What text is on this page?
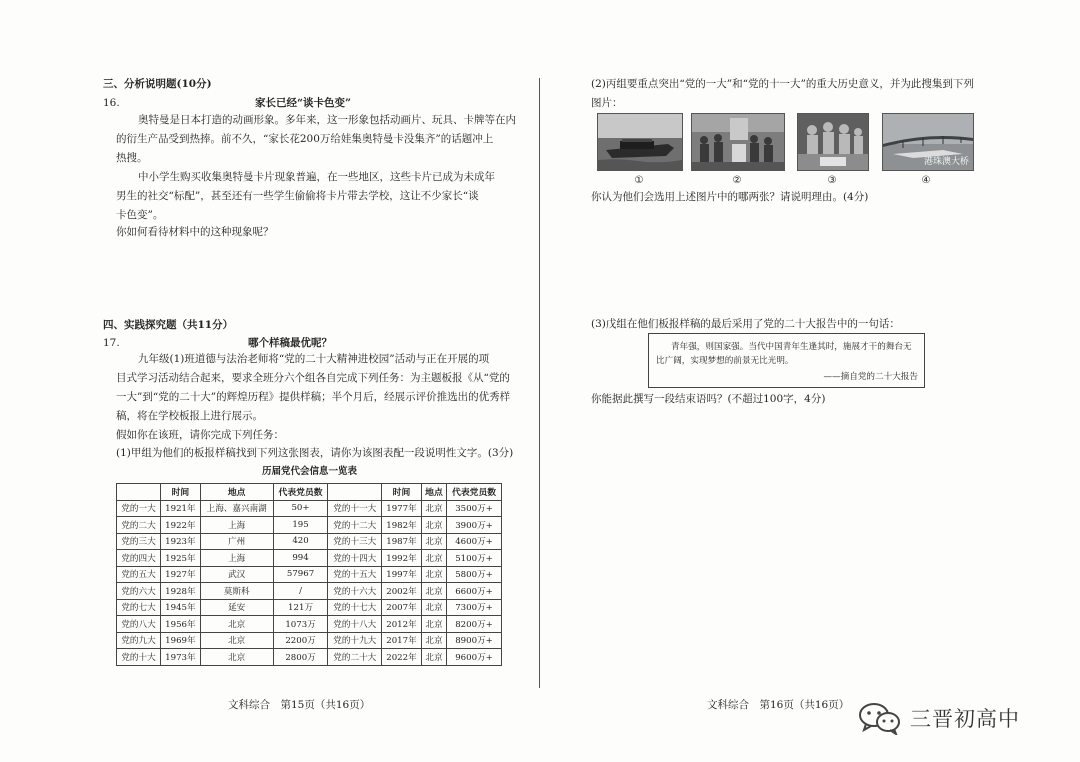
三、分析说明题(10分)
16.	家长已经“谈卡色变”
奥特曼是日本打造的动画形象。多年来，这一形象包括动画片、玩具、卡牌等在内
的衍生产品受到热捧。前不久，“家长花200万给娃集奥特曼卡没集齐”的话题冲上
热搜。
中小学生购买收集奥特曼卡片现象普遍，在一些地区，这些卡片已成为未成年
男生的社交“标配”，甚至还有一些学生偷偷将卡片带去学校，这让不少家长“谈
卡色变”。
你如何看待材料中的这种现象呢？
四、实践探究题（共11分）
17.	哪个样稿最优呢？
九年级(1)班道德与法治老师将“党的二十大精神进校园”活动与正在开展的项
目式学习活动结合起来，要求全班分六个组各自完成下列任务：为主题板报《从“党的
一大”到“党的二十大”的辉煌历程》提供样稿；半个月后，经展示评价推选出的优秀样
稿，将在学校板报上进行展示。
假如你在该班，请你完成下列任务：
(1)甲组为他们的板报样稿找到下列这张图表，请你为该图表配一段说明性文字。(3分)
历届党代会信息一览表
文科综合　第15页（共16页）
	时间	地点	代表党员数		时间	地点	代表党员数
党的一大	1921年	上海、嘉兴南湖	50+	党的十一大	1977年	北京	3500万+
党的二大	1922年	上海	195	党的十二大	1982年	北京	3900万+
党的三大	1923年	广州	420	党的十三大	1987年	北京	4600万+
党的四大	1925年	上海	994	党的十四大	1992年	北京	5100万+
党的五大	1927年	武汉	57967	党的十五大	1997年	北京	5800万+
党的六大	1928年	莫斯科	/	党的十六大	2002年	北京	6600万+
党的七大	1945年	延安	121万	党的十七大	2007年	北京	7300万+
党的八大	1956年	北京	1073万	党的十八大	2012年	北京	8200万+
党的九大	1969年	北京	2200万	党的十九大	2017年	北京	8900万+
党的十大	1973年	北京	2800万	党的二十大	2022年	北京	9600万+
(2)丙组要重点突出“党的一大”和“党的十一大”的重大历史意义，并为此搜集到下列
图片：
港珠澳大桥
①	②	③	④
你认为他们会选用上述图片中的哪两张？请说明理由。(4分)
(3)戊组在他们板报样稿的最后采用了党的二十大报告中的一句话：
你能据此撰写一段结束语吗？(不超过100字，4分)
文科综合　第16页（共16页）
青年强，则国家强。当代中国青年生逢其时，施展才干的舞台无
比广阔，实现梦想的前景无比光明。
——摘自党的二十大报告
三晋初高中
